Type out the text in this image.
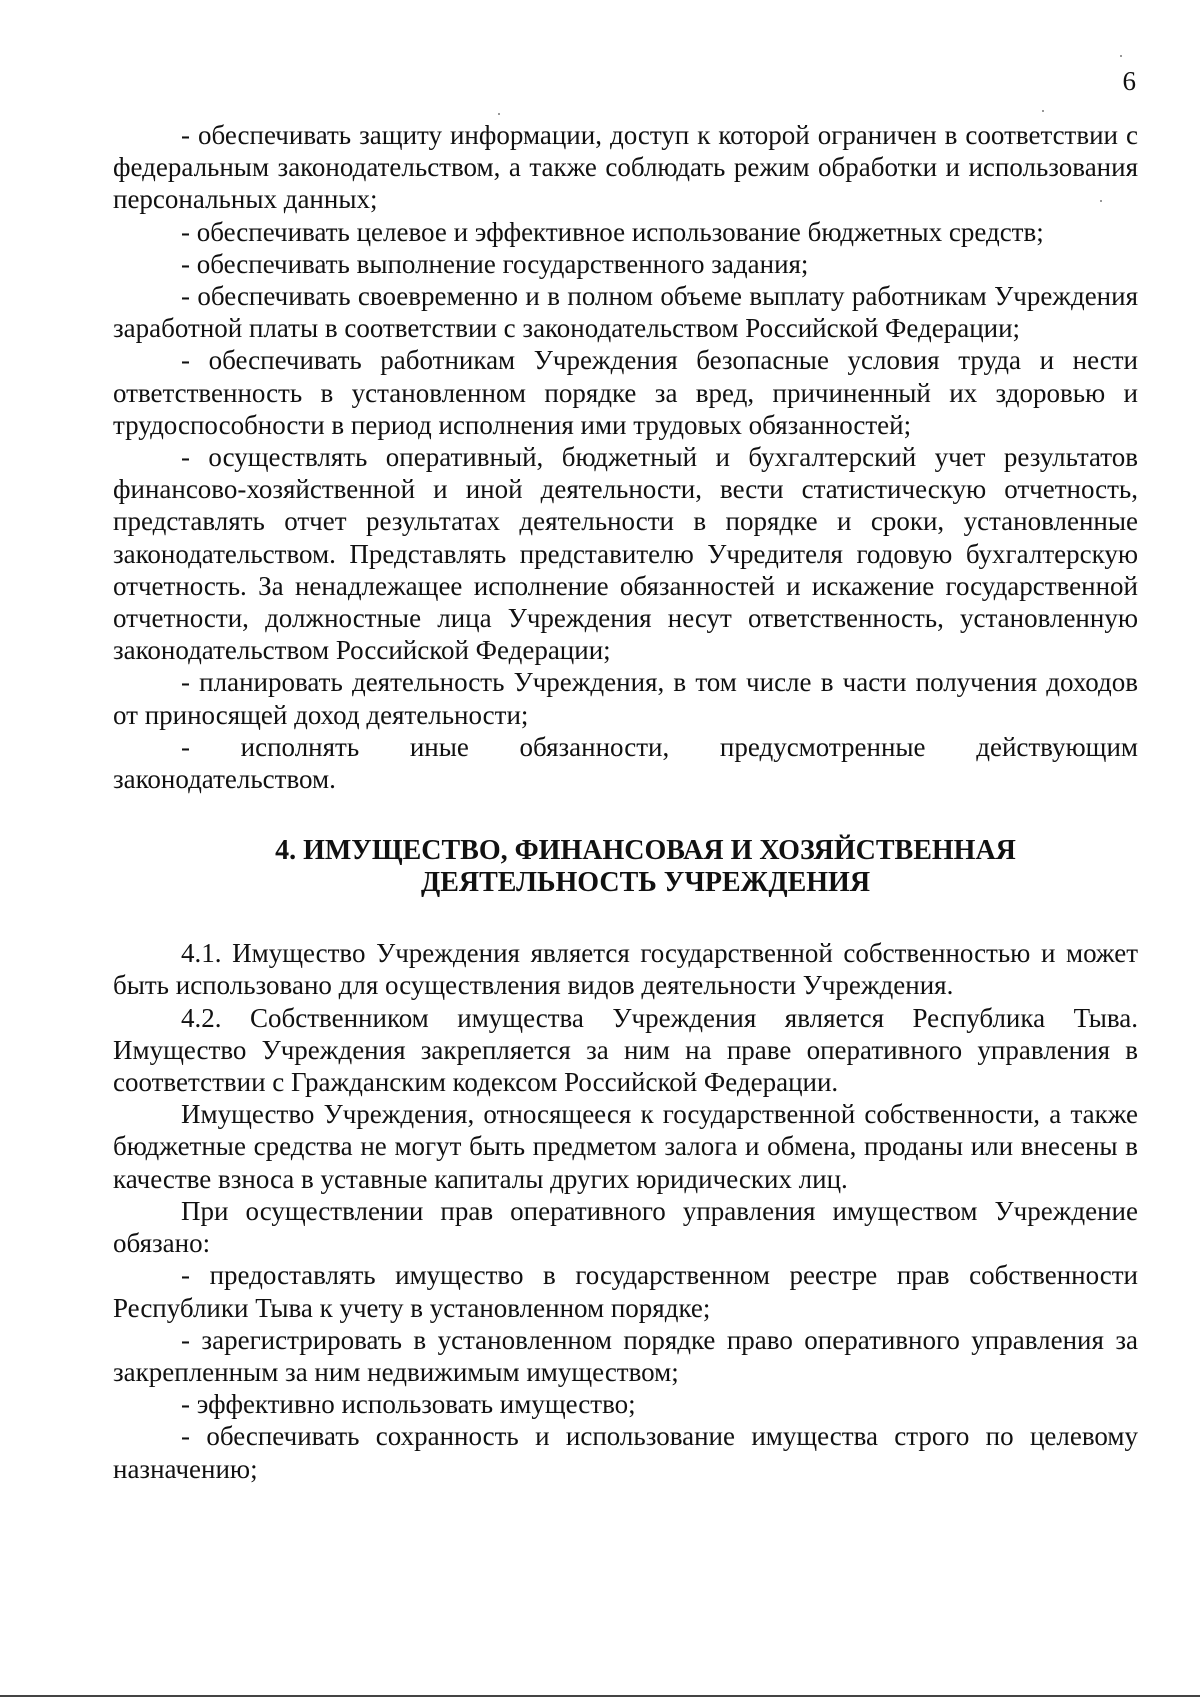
6

- обеспечивать защиту информации, доступ к которой ограничен в соответствии с федеральным законодательством, а также соблюдать режим обработки и использования персональных данных;

- обеспечивать целевое и эффективное использование бюджетных средств;

- обеспечивать выполнение государственного задания;

- обеспечивать своевременно и в полном объеме выплату работникам Учреждения заработной платы в соответствии с законодательством Российской Федерации;

- обеспечивать работникам Учреждения безопасные условия труда и нести ответственность в установленном порядке за вред, причиненный их здоровью и трудоспособности в период исполнения ими трудовых обязанностей;

- осуществлять оперативный, бюджетный и бухгалтерский учет результатов финансово-хозяйственной и иной деятельности, вести статистическую отчетность, представлять отчет результатах деятельности в порядке и сроки, установленные законодательством. Представлять представителю Учредителя годовую бухгалтерскую отчетность. За ненадлежащее исполнение обязанностей и искажение государственной отчетности, должностные лица Учреждения несут ответственность, установленную законодательством Российской Федерации;

- планировать деятельность Учреждения, в том числе в части получения доходов от приносящей доход деятельности;

- исполнять иные обязанности, предусмотренные действующим законодательством.

4. ИМУЩЕСТВО, ФИНАНСОВАЯ И ХОЗЯЙСТВЕННАЯ
ДЕЯТЕЛЬНОСТЬ УЧРЕЖДЕНИЯ

4.1. Имущество Учреждения является государственной собственностью и может быть использовано для осуществления видов деятельности Учреждения.

4.2. Собственником имущества Учреждения является Республика Тыва. Имущество Учреждения закрепляется за ним на праве оперативного управления в соответствии с Гражданским кодексом Российской Федерации.

Имущество Учреждения, относящееся к государственной собственности, а также бюджетные средства не могут быть предметом залога и обмена, проданы или внесены в качестве взноса в уставные капиталы других юридических лиц.

При осуществлении прав оперативного управления имуществом Учреждение обязано:

- предоставлять имущество в государственном реестре прав собственности Республики Тыва к учету в установленном порядке;

- зарегистрировать в установленном порядке право оперативного управления за закрепленным за ним недвижимым имуществом;

- эффективно использовать имущество;

- обеспечивать сохранность и использование имущества строго по целевому назначению;
